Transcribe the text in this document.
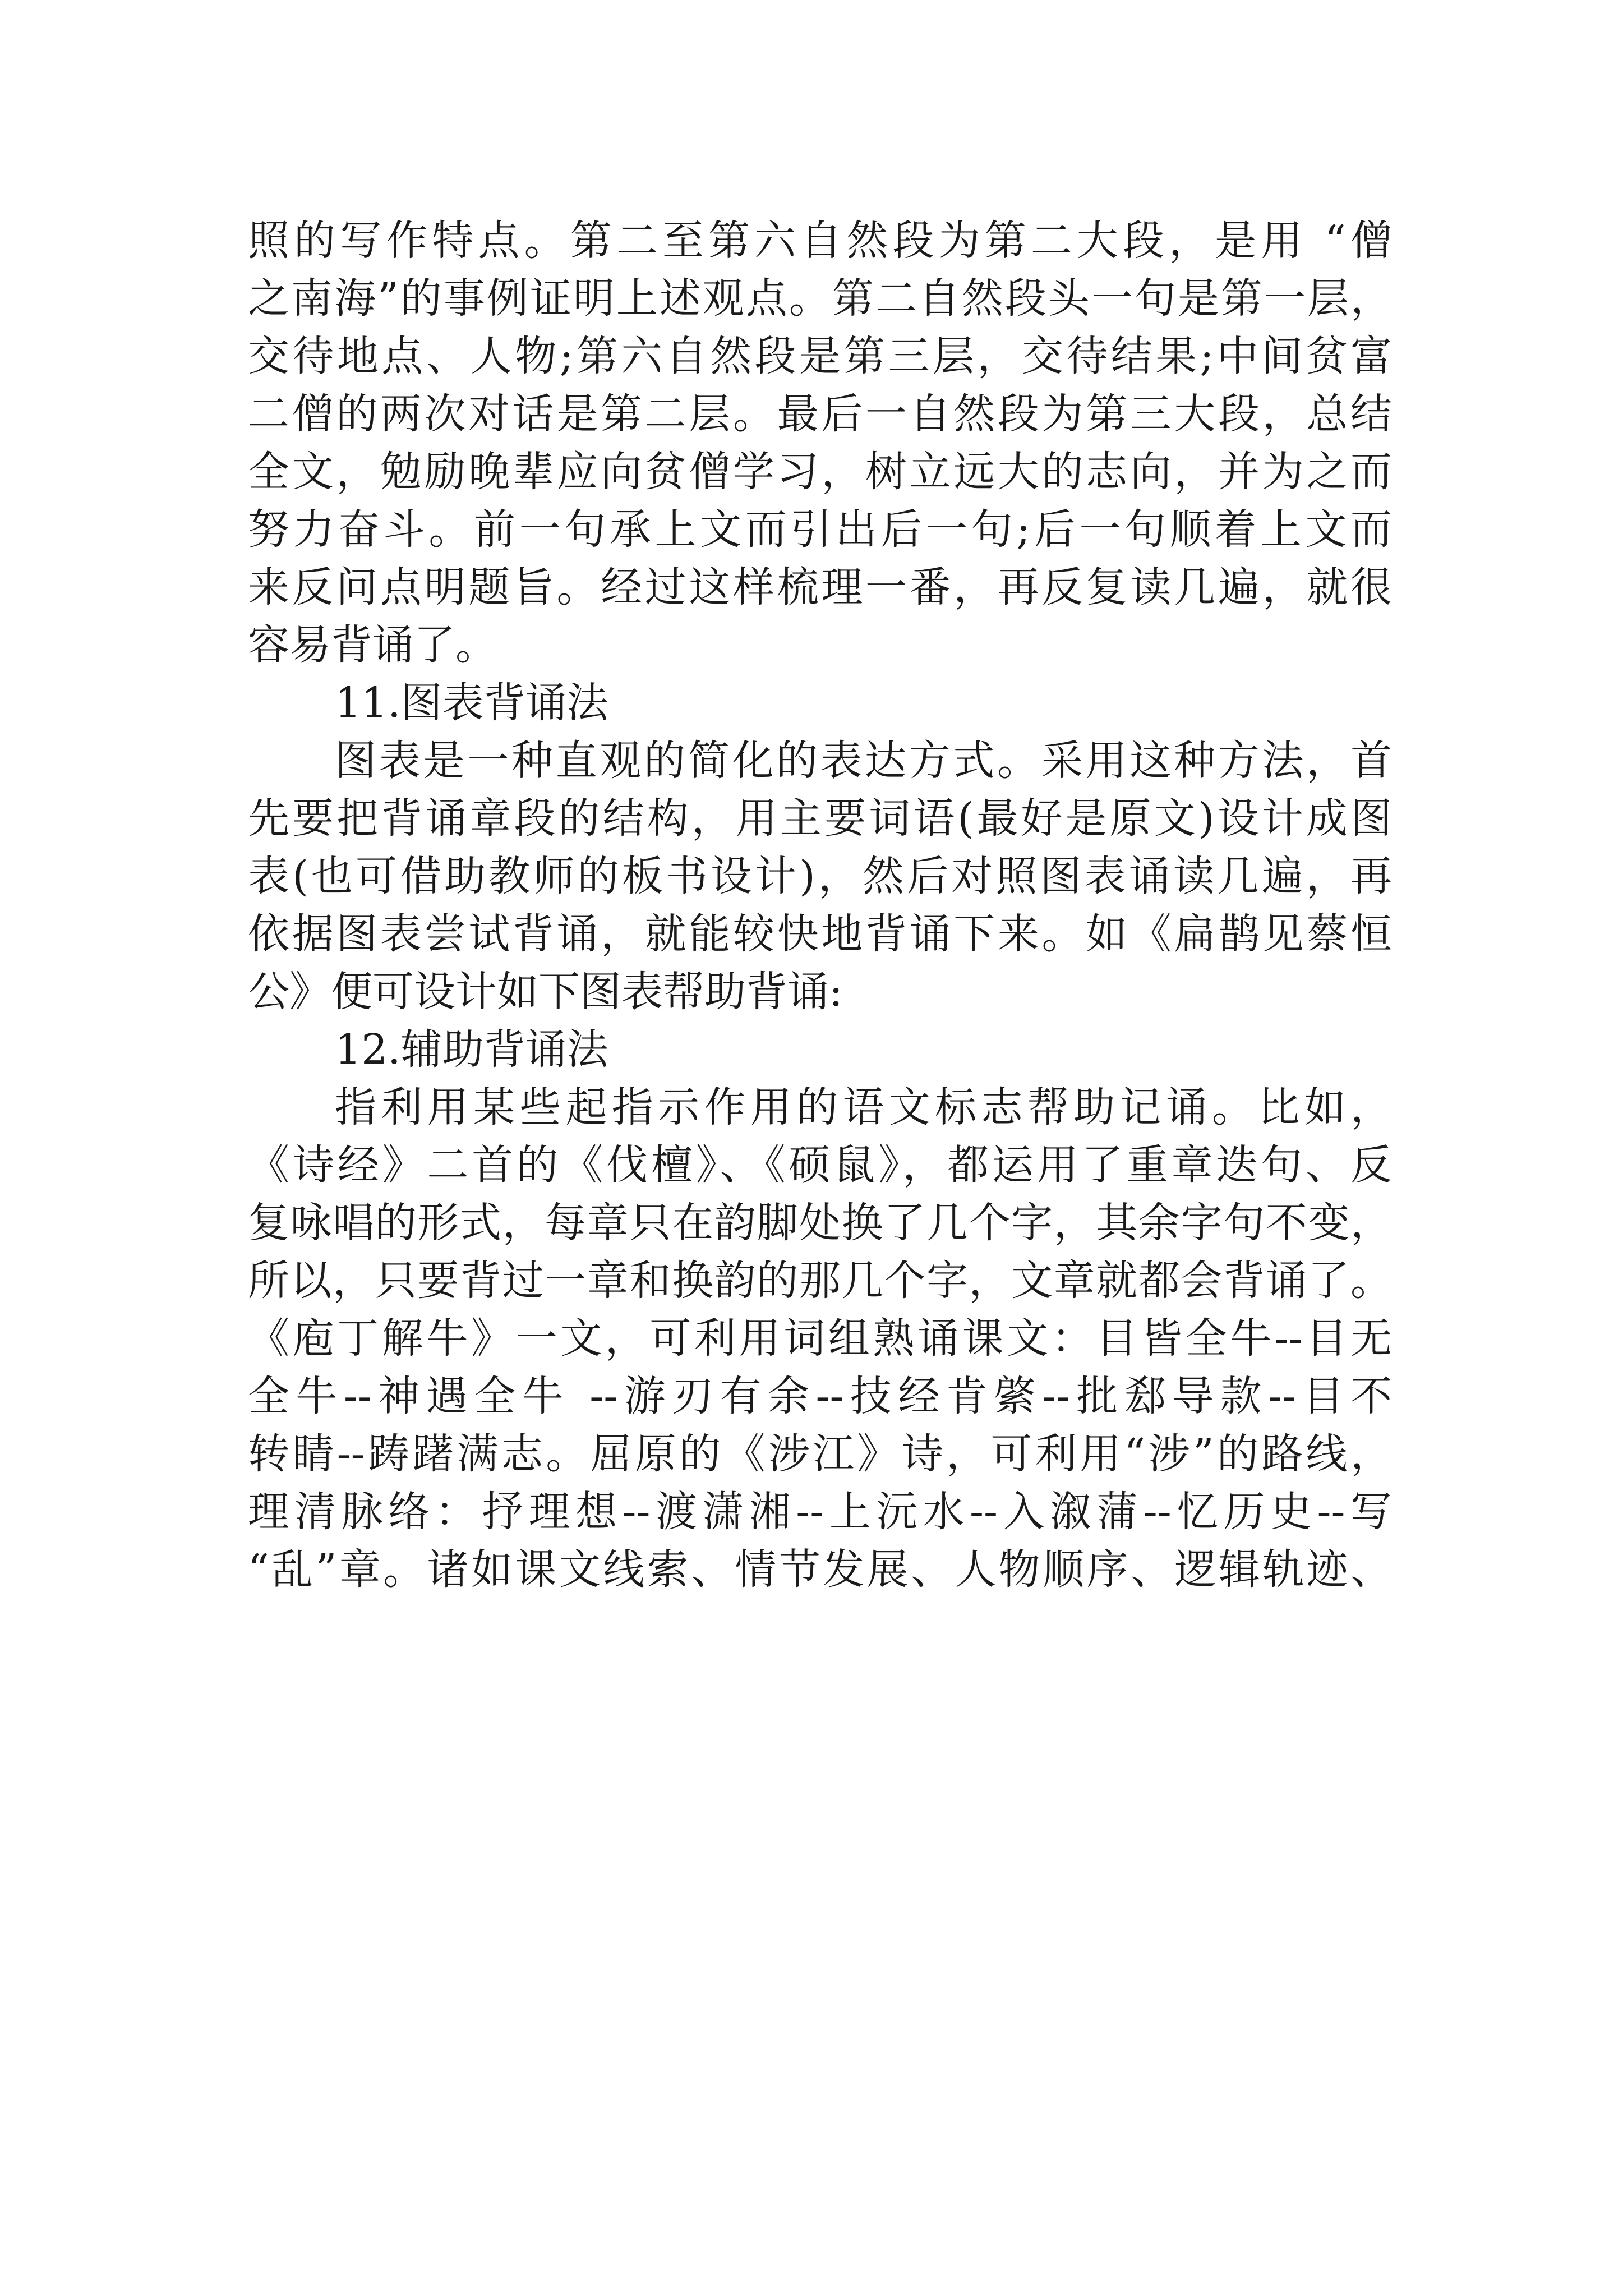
照的写作特点。第二至第六自然段为第二大段，是用 “僧
之南海”的事例证明上述观点。第二自然段头一句是第一层，
交待地点、人物;第六自然段是第三层，交待结果;中间贫富
二僧的两次对话是第二层。最后一自然段为第三大段，总结
全文，勉励晚辈应向贫僧学习，树立远大的志向，并为之而
努力奋斗。前一句承上文而引出后一句;后一句顺着上文而
来反问点明题旨。经过这样梳理一番，再反复读几遍，就很
容易背诵了。
11.图表背诵法
图表是一种直观的简化的表达方式。采用这种方法，首
先要把背诵章段的结构，用主要词语(最好是原文)设计成图
表(也可借助教师的板书设计)，然后对照图表诵读几遍，再
依据图表尝试背诵，就能较快地背诵下来。如《扁鹊见蔡恒
公》便可设计如下图表帮助背诵:
12.辅助背诵法
指利用某些起指示作用的语文标志帮助记诵。比如，
《诗经》二首的《伐檀》、《硕鼠》，都运用了重章迭句、反
复咏唱的形式，每章只在韵脚处换了几个字，其余字句不变，
所以，只要背过一章和换韵的那几个字，文章就都会背诵了。
《庖丁解牛》一文，可利用词组熟诵课文：目皆全牛--目无
全牛--神遇全牛 --游刃有余--技经肯綮--批郄导款--目不
转睛--踌躇满志。屈原的《涉江》诗，可利用“涉”的路线，
理清脉络：抒理想--渡潇湘--上沅水--入溆蒲--忆历史--写
“乱”章。诸如课文线索、情节发展、人物顺序、逻辑轨迹、
